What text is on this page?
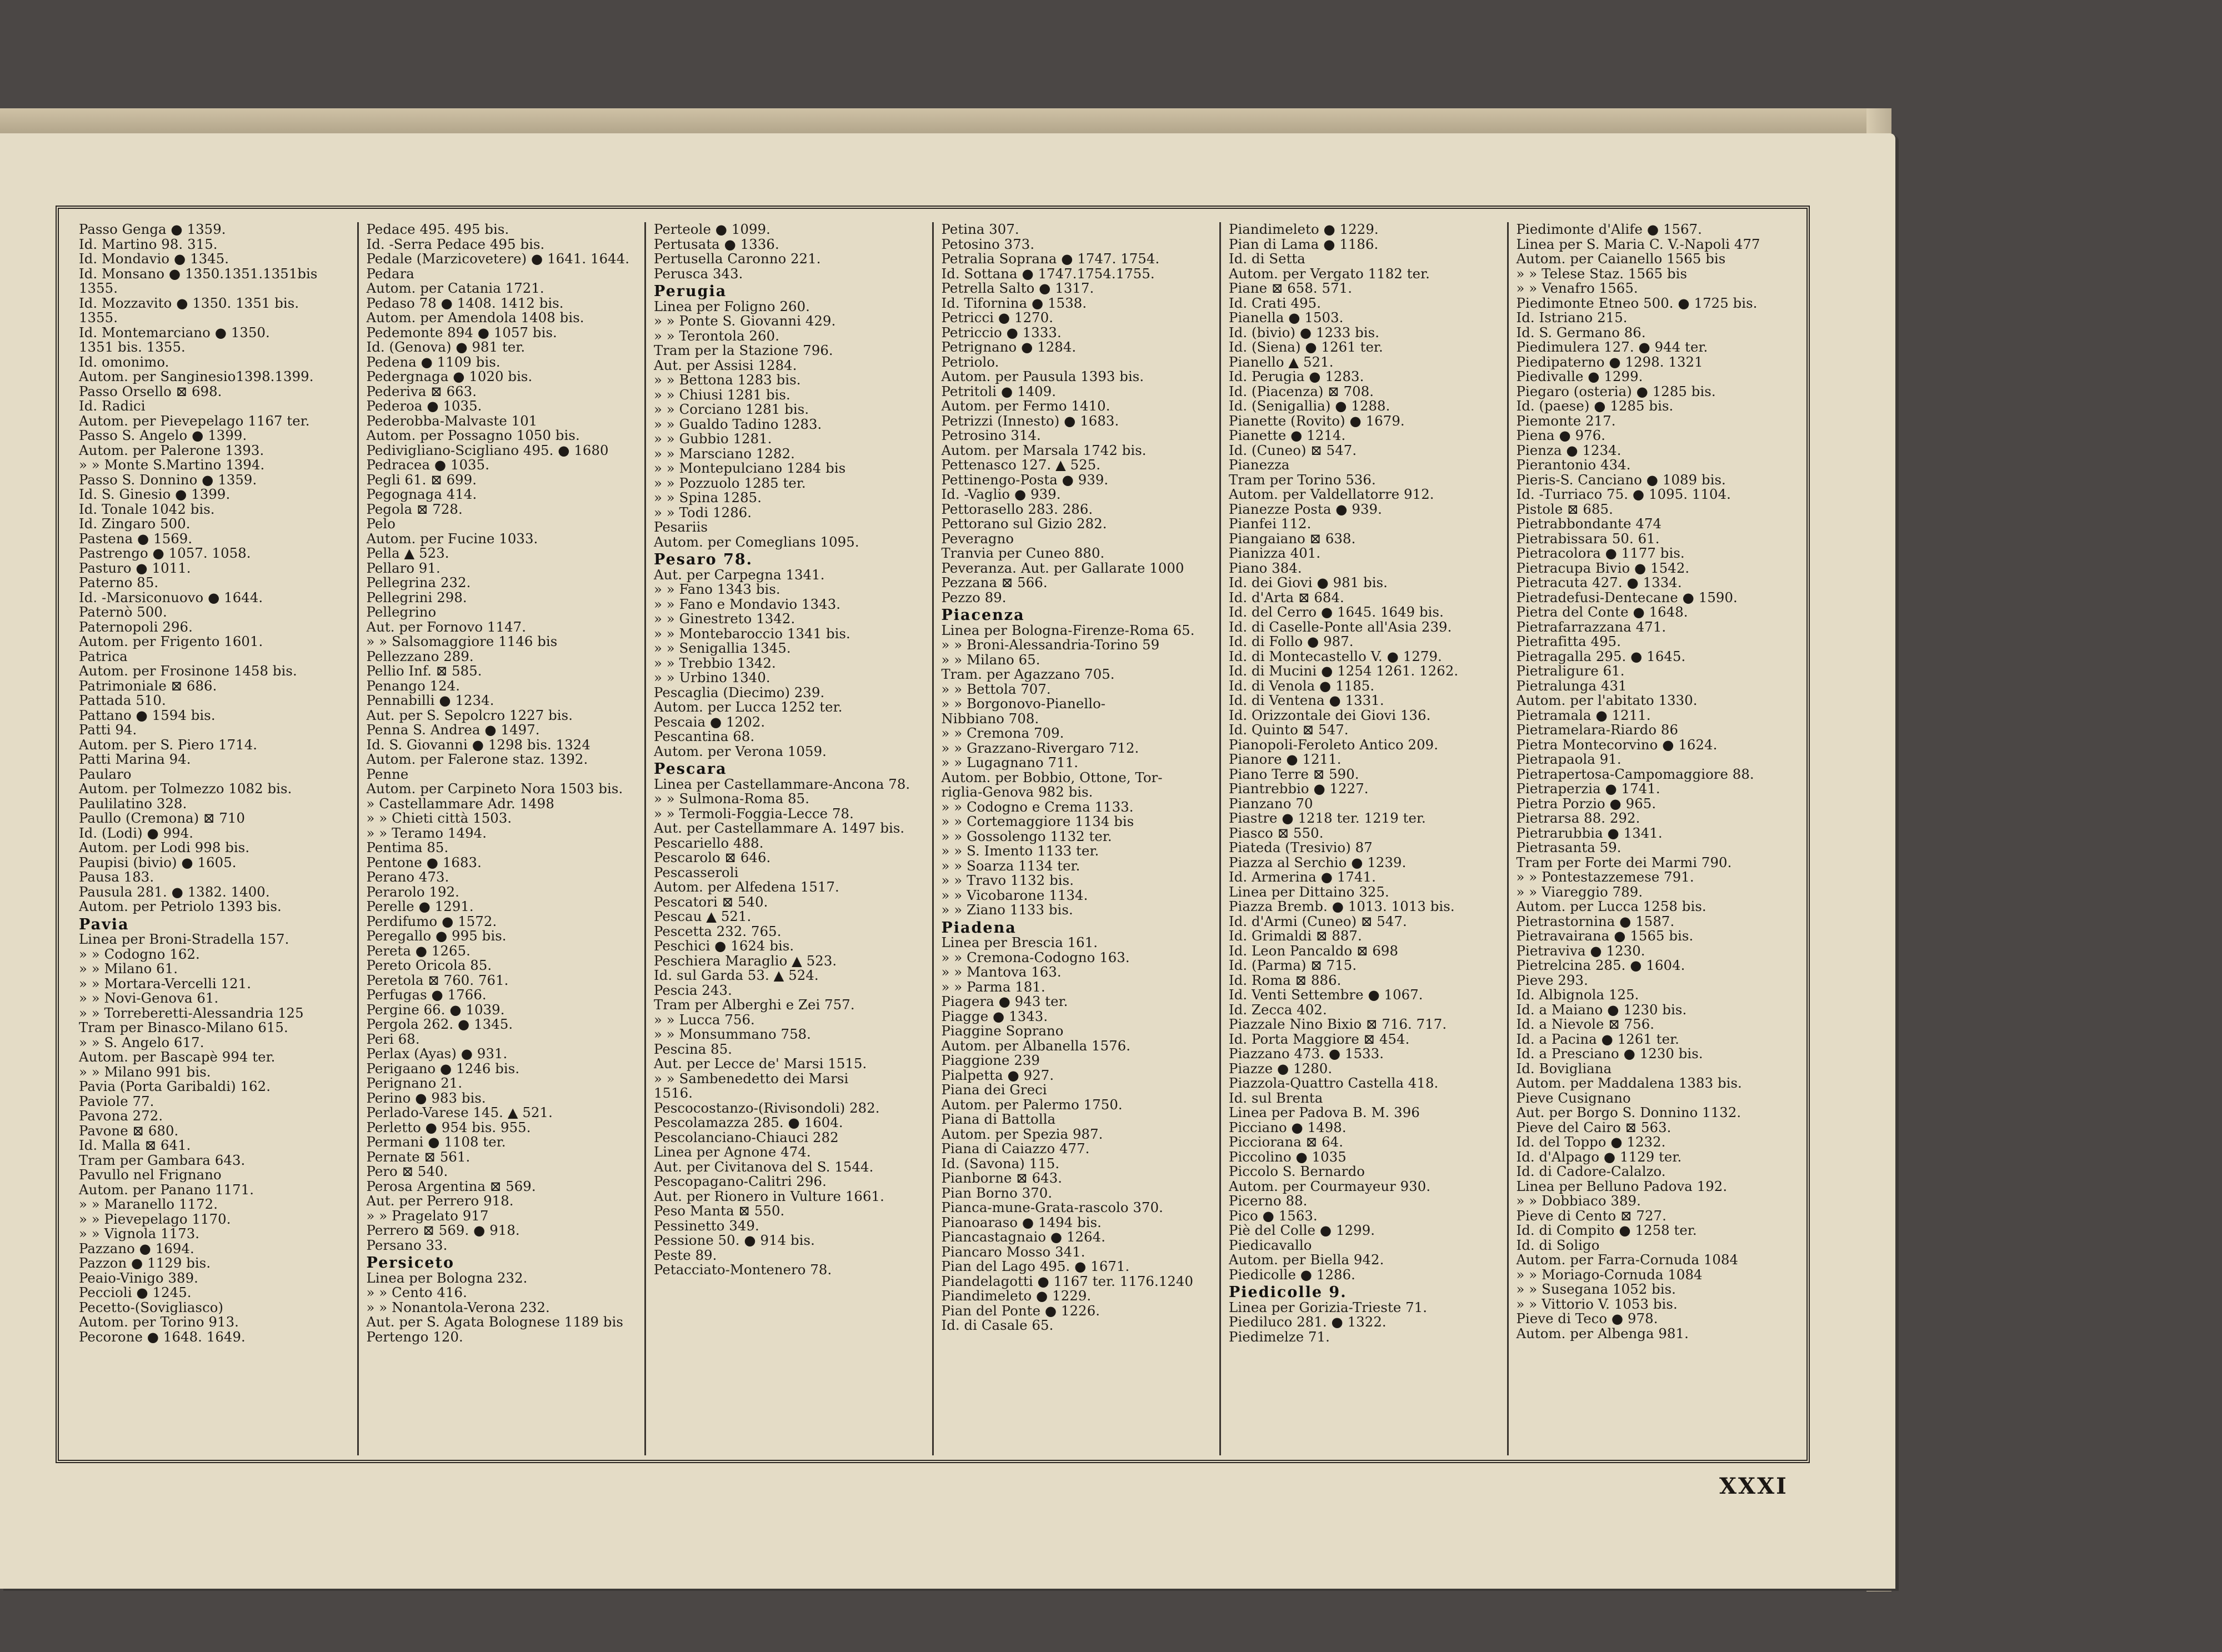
Passo Genga ● 1359.
Id. Martino 98. 315.
Id. Mondavio ● 1345.
Id. Monsano ● 1350.1351.1351bis
1355.
Id. Mozzavito ● 1350. 1351 bis.
1355.
Id. Montemarciano ● 1350.
1351 bis. 1355.
Id. omonimo.
Autom. per Sanginesio1398.1399.
Passo Orsello ⊠ 698.
Id. Radici
Autom. per Pievepelago 1167 ter.
Passo S. Angelo ● 1399.
Autom. per Palerone 1393.
» » Monte S.Martino 1394.
Passo S. Donnino ● 1359.
Id. S. Ginesio ● 1399.
Id. Tonale 1042 bis.
Id. Zingaro 500.
Pastena ● 1569.
Pastrengo ● 1057. 1058.
Pasturo ● 1011.
Paterno 85.
Id. -Marsiconuovo ● 1644.
Paternò 500.
Paternopoli 296.
Autom. per Frigento 1601.
Patrica
Autom. per Frosinone 1458 bis.
Patrimoniale ⊠ 686.
Pattada 510.
Pattano ● 1594 bis.
Patti 94.
Autom. per S. Piero 1714.
Patti Marina 94.
Paularo
Autom. per Tolmezzo 1082 bis.
Paulilatino 328.
Paullo (Cremona) ⊠ 710
Id. (Lodi) ● 994.
Autom. per Lodi 998 bis.
Paupisi (bivio) ● 1605.
Pausa 183.
Pausula 281. ● 1382. 1400.
Autom. per Petriolo 1393 bis.
Pavia
Linea per Broni-Stradella 157.
» » Codogno 162.
» » Milano 61.
» » Mortara-Vercelli 121.
» » Novi-Genova 61.
» » Torreberetti-Alessandria 125
Tram per Binasco-Milano 615.
» » S. Angelo 617.
Autom. per Bascapè 994 ter.
» » Milano 991 bis.
Pavia (Porta Garibaldi) 162.
Paviole 77.
Pavona 272.
Pavone ⊠ 680.
Id. Malla ⊠ 641.
Tram per Gambara 643.
Pavullo nel Frignano
Autom. per Panano 1171.
» » Maranello 1172.
» » Pievepelago 1170.
» » Vignola 1173.
Pazzano ● 1694.
Pazzon ● 1129 bis.
Peaio-Vinigo 389.
Peccioli ● 1245.
Pecetto-(Sovigliasco)
Autom. per Torino 913.
Pecorone ● 1648. 1649.
Pedace 495. 495 bis.
Id. -Serra Pedace 495 bis.
Pedale (Marzicovetere) ● 1641. 1644.
Pedara
Autom. per Catania 1721.
Pedaso 78 ● 1408. 1412 bis.
Autom. per Amendola 1408 bis.
Pedemonte 894 ● 1057 bis.
Id. (Genova) ● 981 ter.
Pedena ● 1109 bis.
Pedergnaga ● 1020 bis.
Pederiva ⊠ 663.
Pederoa ● 1035.
Pederobba-Malvaste 101
Autom. per Possagno 1050 bis.
Pedivigliano-Scigliano 495. ● 1680
Pedracea ● 1035.
Pegli 61. ⊠ 699.
Pegognaga 414.
Pegola ⊠ 728.
Pelo
Autom. per Fucine 1033.
Pella ▲ 523.
Pellaro 91.
Pellegrina 232.
Pellegrini 298.
Pellegrino
Aut. per Fornovo 1147.
» » Salsomaggiore 1146 bis
Pellezzano 289.
Pellio Inf. ⊠ 585.
Penango 124.
Pennabilli ● 1234.
Aut. per S. Sepolcro 1227 bis.
Penna S. Andrea ● 1497.
Id. S. Giovanni ● 1298 bis. 1324
Autom. per Falerone staz. 1392.
Penne
Autom. per Carpineto Nora 1503 bis.
» Castellammare Adr. 1498
» » Chieti città 1503.
» » Teramo 1494.
Pentima 85.
Pentone ● 1683.
Perano 473.
Perarolo 192.
Perelle ● 1291.
Perdifumo ● 1572.
Peregallo ● 995 bis.
Pereta ● 1265.
Pereto Oricola 85.
Peretola ⊠ 760. 761.
Perfugas ● 1766.
Pergine 66. ● 1039.
Pergola 262. ● 1345.
Peri 68.
Perlax (Ayas) ● 931.
Perigaano ● 1246 bis.
Perignano 21.
Perino ● 983 bis.
Perlado-Varese 145. ▲ 521.
Perletto ● 954 bis. 955.
Permani ● 1108 ter.
Pernate ⊠ 561.
Pero ⊠ 540.
Perosa Argentina ⊠ 569.
Aut. per Perrero 918.
» » Pragelato 917
Perrero ⊠ 569. ● 918.
Persano 33.
Persiceto
Linea per Bologna 232.
» » Cento 416.
» » Nonantola-Verona 232.
Aut. per S. Agata Bolognese 1189 bis
Pertengo 120.
Perteole ● 1099.
Pertusata ● 1336.
Pertusella Caronno 221.
Perusca 343.
Perugia
Linea per Foligno 260.
» » Ponte S. Giovanni 429.
» » Terontola 260.
Tram per la Stazione 796.
Aut. per Assisi 1284.
» » Bettona 1283 bis.
» » Chiusi 1281 bis.
» » Corciano 1281 bis.
» » Gualdo Tadino 1283.
» » Gubbio 1281.
» » Marsciano 1282.
» » Montepulciano 1284 bis
» » Pozzuolo 1285 ter.
» » Spina 1285.
» » Todi 1286.
Pesariis
Autom. per Comeglians 1095.
Pesaro 78.
Aut. per Carpegna 1341.
» » Fano 1343 bis.
» » Fano e Mondavio 1343.
» » Ginestreto 1342.
» » Montebaroccio 1341 bis.
» » Senigallia 1345.
» » Trebbio 1342.
» » Urbino 1340.
Pescaglia (Diecimo) 239.
Autom. per Lucca 1252 ter.
Pescaia ● 1202.
Pescantina 68.
Autom. per Verona 1059.
Pescara
Linea per Castellammare-Ancona 78.
» » Sulmona-Roma 85.
» » Termoli-Foggia-Lecce 78.
Aut. per Castellammare A. 1497 bis.
Pescariello 488.
Pescarolo ⊠ 646.
Pescasseroli
Autom. per Alfedena 1517.
Pescatori ⊠ 540.
Pescau ▲ 521.
Pescetta 232. 765.
Peschici ● 1624 bis.
Peschiera Maraglio ▲ 523.
Id. sul Garda 53. ▲ 524.
Pescia 243.
Tram per Alberghi e Zei 757.
» » Lucca 756.
» » Monsummano 758.
Pescina 85.
Aut. per Lecce de' Marsi 1515.
» » Sambenedetto dei Marsi
1516.
Pescocostanzo-(Rivisondoli) 282.
Pescolamazza 285. ● 1604.
Pescolanciano-Chiauci 282
Linea per Agnone 474.
Aut. per Civitanova del S. 1544.
Pescopagano-Calitri 296.
Aut. per Rionero in Vulture 1661.
Peso Manta ⊠ 550.
Pessinetto 349.
Pessione 50. ● 914 bis.
Peste 89.
Petacciato-Montenero 78.
Petina 307.
Petosino 373.
Petralia Soprana ● 1747. 1754.
Id. Sottana ● 1747.1754.1755.
Petrella Salto ● 1317.
Id. Tifornina ● 1538.
Petricci ● 1270.
Petriccio ● 1333.
Petrignano ● 1284.
Petriolo.
Autom. per Pausula 1393 bis.
Petritoli ● 1409.
Autom. per Fermo 1410.
Petrizzi (Innesto) ● 1683.
Petrosino 314.
Autom. per Marsala 1742 bis.
Pettenasco 127. ▲ 525.
Pettinengo-Posta ● 939.
Id. -Vaglio ● 939.
Pettorasello 283. 286.
Pettorano sul Gizio 282.
Peveragno
Tranvia per Cuneo 880.
Peveranza. Aut. per Gallarate 1000
Pezzana ⊠ 566.
Pezzo 89.
Piacenza
Linea per Bologna-Firenze-Roma 65.
» » Broni-Alessandria-Torino 59
» » Milano 65.
Tram. per Agazzano 705.
» » Bettola 707.
» » Borgonovo-Pianello-
Nibbiano 708.
» » Cremona 709.
» » Grazzano-Rivergaro 712.
» » Lugagnano 711.
Autom. per Bobbio, Ottone, Tor-
riglia-Genova 982 bis.
» » Codogno e Crema 1133.
» » Cortemaggiore 1134 bis
» » Gossolengo 1132 ter.
» » S. Imento 1133 ter.
» » Soarza 1134 ter.
» » Travo 1132 bis.
» » Vicobarone 1134.
» » Ziano 1133 bis.
Piadena
Linea per Brescia 161.
» » Cremona-Codogno 163.
» » Mantova 163.
» » Parma 181.
Piagera ● 943 ter.
Piagge ● 1343.
Piaggine Soprano
Autom. per Albanella 1576.
Piaggione 239
Pialpetta ● 927.
Piana dei Greci
Autom. per Palermo 1750.
Piana di Battolla
Autom. per Spezia 987.
Piana di Caiazzo 477.
Id. (Savona) 115.
Pianborne ⊠ 643.
Pian Borno 370.
Pianca-mune-Grata-rascolo 370.
Pianoaraso ● 1494 bis.
Piancastagnaio ● 1264.
Piancaro Mosso 341.
Pian del Lago 495. ● 1671.
Piandelagotti ● 1167 ter. 1176.1240
Piandimeleto ● 1229.
Pian del Ponte ● 1226.
Id. di Casale 65.
Piandimeleto ● 1229.
Pian di Lama ● 1186.
Id. di Setta
Autom. per Vergato 1182 ter.
Piane ⊠ 658. 571.
Id. Crati 495.
Pianella ● 1503.
Id. (bivio) ● 1233 bis.
Id. (Siena) ● 1261 ter.
Pianello ▲ 521.
Id. Perugia ● 1283.
Id. (Piacenza) ⊠ 708.
Id. (Senigallia) ● 1288.
Pianette (Rovito) ● 1679.
Pianette ● 1214.
Id. (Cuneo) ⊠ 547.
Pianezza
Tram per Torino 536.
Autom. per Valdellatorre 912.
Pianezze Posta ● 939.
Pianfei 112.
Piangaiano ⊠ 638.
Pianizza 401.
Piano 384.
Id. dei Giovi ● 981 bis.
Id. d'Arta ⊠ 684.
Id. del Cerro ● 1645. 1649 bis.
Id. di Caselle-Ponte all'Asia 239.
Id. di Follo ● 987.
Id. di Montecastello V. ● 1279.
Id. di Mucini ● 1254 1261. 1262.
Id. di Venola ● 1185.
Id. di Ventena ● 1331.
Id. Orizzontale dei Giovi 136.
Id. Quinto ⊠ 547.
Pianopoli-Feroleto Antico 209.
Pianore ● 1211.
Piano Terre ⊠ 590.
Piantrebbio ● 1227.
Pianzano 70
Piastre ● 1218 ter. 1219 ter.
Piasco ⊠ 550.
Piateda (Tresivio) 87
Piazza al Serchio ● 1239.
Id. Armerina ● 1741.
Linea per Dittaino 325.
Piazza Bremb. ● 1013. 1013 bis.
Id. d'Armi (Cuneo) ⊠ 547.
Id. Grimaldi ⊠ 887.
Id. Leon Pancaldo ⊠ 698
Id. (Parma) ⊠ 715.
Id. Roma ⊠ 886.
Id. Venti Settembre ● 1067.
Id. Zecca 402.
Piazzale Nino Bixio ⊠ 716. 717.
Id. Porta Maggiore ⊠ 454.
Piazzano 473. ● 1533.
Piazze ● 1280.
Piazzola-Quattro Castella 418.
Id. sul Brenta
Linea per Padova B. M. 396
Picciano ● 1498.
Picciorana ⊠ 64.
Piccolino ● 1035
Piccolo S. Bernardo
Autom. per Courmayeur 930.
Picerno 88.
Pico ● 1563.
Piè del Colle ● 1299.
Piedicavallo
Autom. per Biella 942.
Piedicolle ● 1286.
Piedicolle 9.
Linea per Gorizia-Trieste 71.
Piediluco 281. ● 1322.
Piedimelze 71.
Piedimonte d'Alife ● 1567.
Linea per S. Maria C. V.-Napoli 477
Autom. per Caianello 1565 bis
» » Telese Staz. 1565 bis
» » Venafro 1565.
Piedimonte Etneo 500. ● 1725 bis.
Id. Istriano 215.
Id. S. Germano 86.
Piedimulera 127. ● 944 ter.
Piedipaterno ● 1298. 1321
Piedivalle ● 1299.
Piegaro (osteria) ● 1285 bis.
Id. (paese) ● 1285 bis.
Piemonte 217.
Piena ● 976.
Pienza ● 1234.
Pierantonio 434.
Pieris-S. Canciano ● 1089 bis.
Id. -Turriaco 75. ● 1095. 1104.
Pistole ⊠ 685.
Pietrabbondante 474
Pietrabissara 50. 61.
Pietracolora ● 1177 bis.
Pietracupa Bivio ● 1542.
Pietracuta 427. ● 1334.
Pietradefusi-Dentecane ● 1590.
Pietra del Conte ● 1648.
Pietrafarrazzana 471.
Pietrafitta 495.
Pietragalla 295. ● 1645.
Pietraligure 61.
Pietralunga 431
Autom. per l'abitato 1330.
Pietramala ● 1211.
Pietramelara-Riardo 86
Pietra Montecorvino ● 1624.
Pietrapaola 91.
Pietrapertosa-Campomaggiore 88.
Pietraperzia ● 1741.
Pietra Porzio ● 965.
Pietrarsa 88. 292.
Pietrarubbia ● 1341.
Pietrasanta 59.
Tram per Forte dei Marmi 790.
» » Pontestazzemese 791.
» » Viareggio 789.
Autom. per Lucca 1258 bis.
Pietrastornina ● 1587.
Pietravairana ● 1565 bis.
Pietraviva ● 1230.
Pietrelcina 285. ● 1604.
Pieve 293.
Id. Albignola 125.
Id. a Maiano ● 1230 bis.
Id. a Nievole ⊠ 756.
Id. a Pacina ● 1261 ter.
Id. a Presciano ● 1230 bis.
Id. Bovigliana
Autom. per Maddalena 1383 bis.
Pieve Cusignano
Aut. per Borgo S. Donnino 1132.
Pieve del Cairo ⊠ 563.
Id. del Toppo ● 1232.
Id. d'Alpago ● 1129 ter.
Id. di Cadore-Calalzo.
Linea per Belluno Padova 192.
» » Dobbiaco 389.
Pieve di Cento ⊠ 727.
Id. di Compito ● 1258 ter.
Id. di Soligo
Autom. per Farra-Cornuda 1084
» » Moriago-Cornuda 1084
» » Susegana 1052 bis.
» » Vittorio V. 1053 bis.
Pieve di Teco ● 978.
Autom. per Albenga 981.
XXXI
